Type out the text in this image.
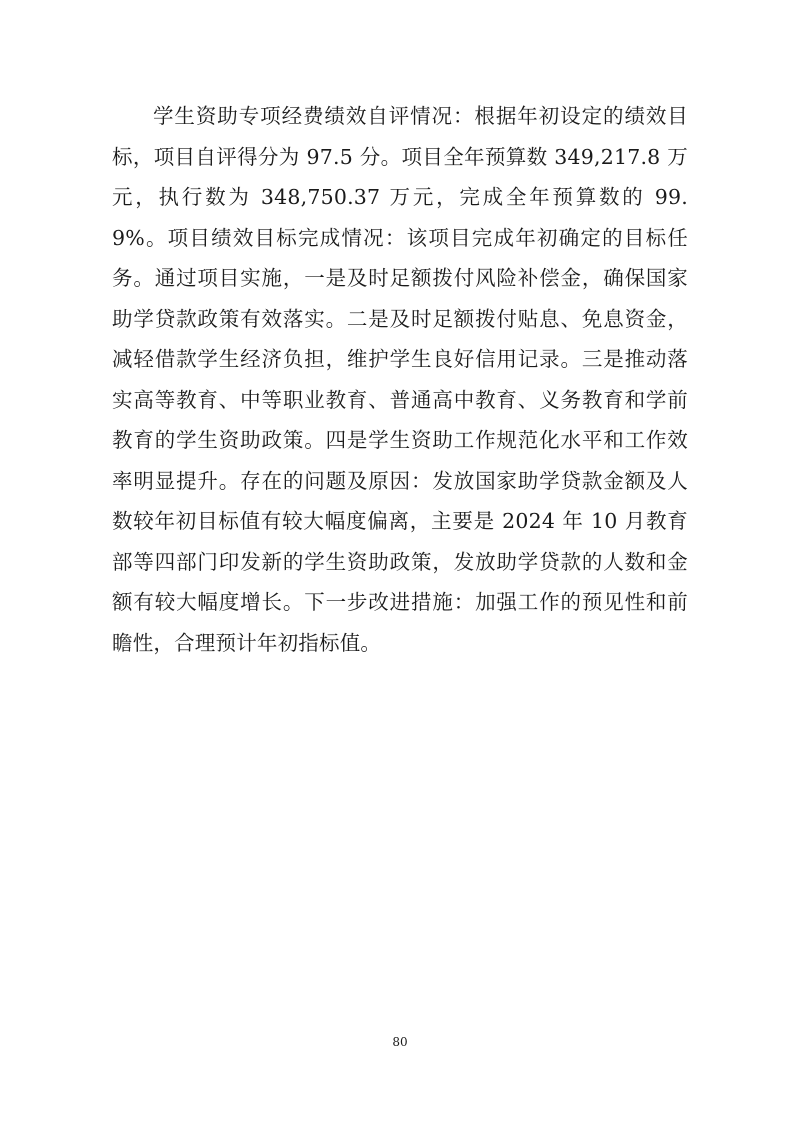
学生资助专项经费绩效自评情况：根据年初设定的绩效目标，项目自评得分为 97.5 分。项目全年预算数 349,217.8 万元，执行数为 348,750.37 万元，完成全年预算数的 99.9%。项目绩效目标完成情况：该项目完成年初确定的目标任务。通过项目实施，一是及时足额拨付风险补偿金，确保国家助学贷款政策有效落实。二是及时足额拨付贴息、免息资金，减轻借款学生经济负担，维护学生良好信用记录。三是推动落实高等教育、中等职业教育、普通高中教育、义务教育和学前教育的学生资助政策。四是学生资助工作规范化水平和工作效率明显提升。存在的问题及原因：发放国家助学贷款金额及人数较年初目标值有较大幅度偏离，主要是 2024 年 10 月教育部等四部门印发新的学生资助政策，发放助学贷款的人数和金额有较大幅度增长。下一步改进措施：加强工作的预见性和前瞻性，合理预计年初指标值。
80
